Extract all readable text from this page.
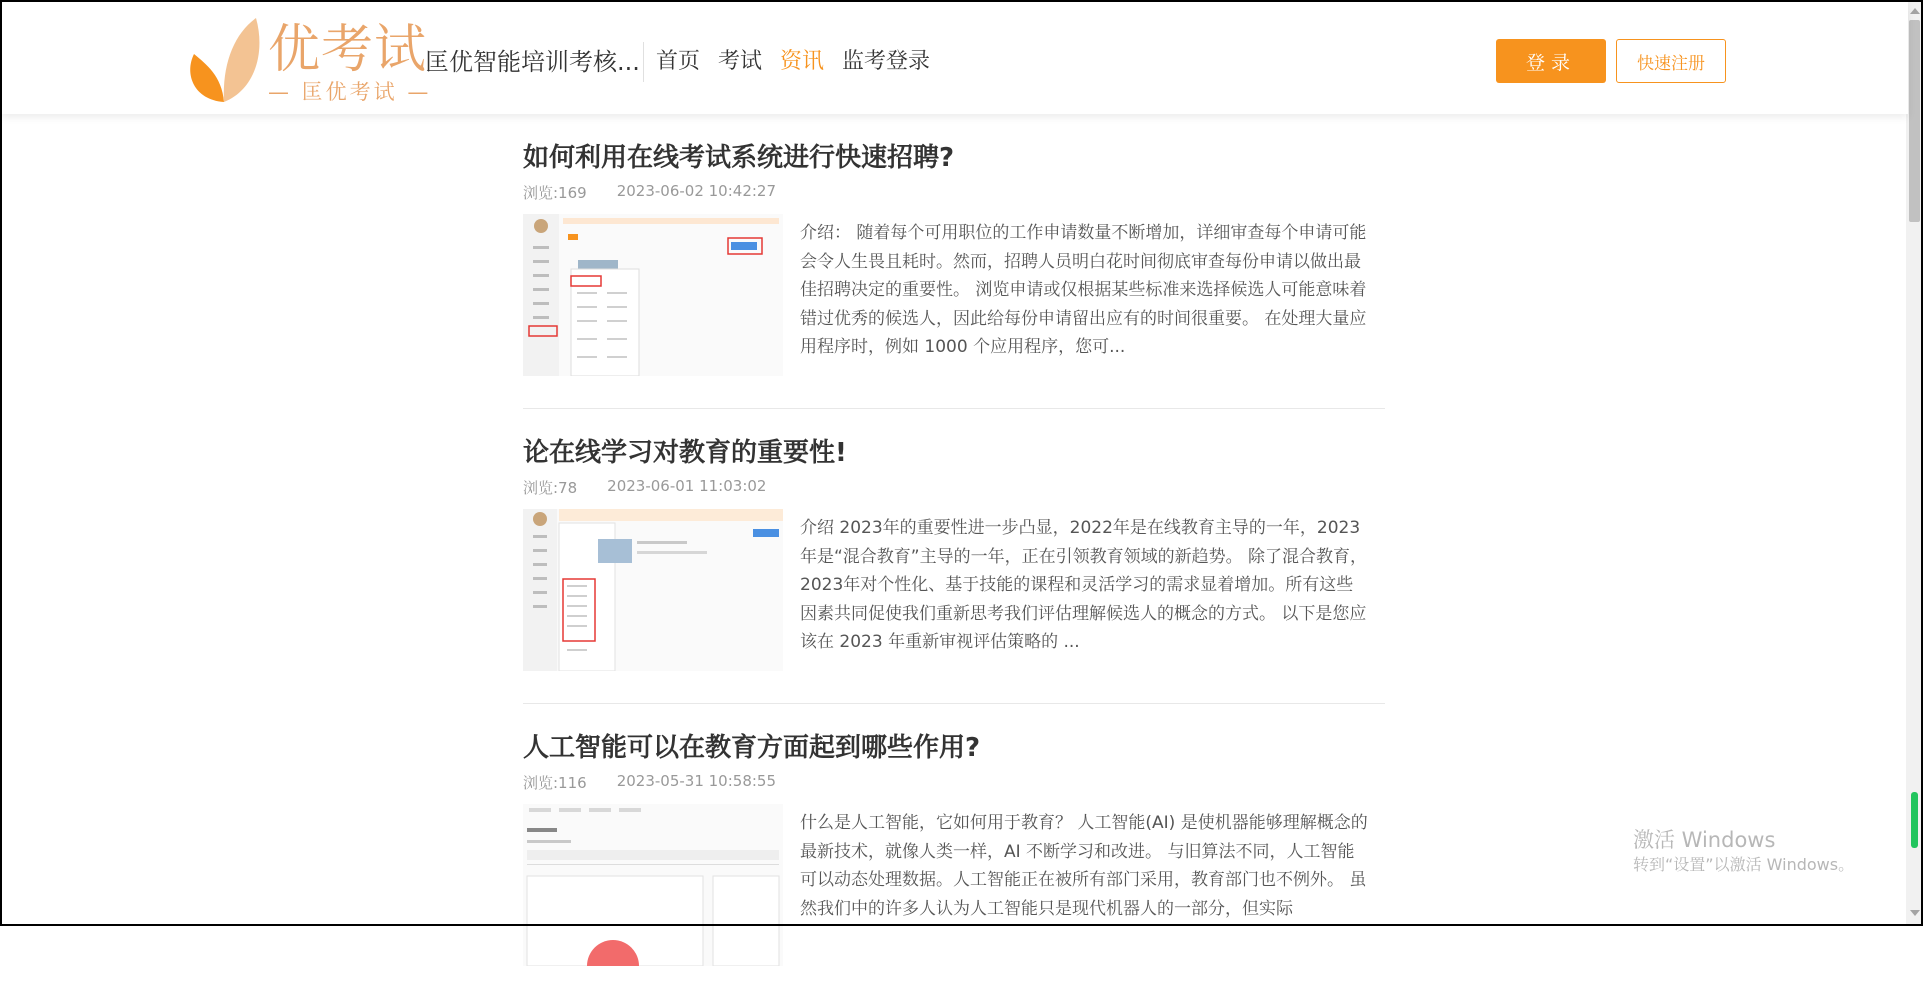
优考试
— 匡优考试 —
匡优智能培训考核... 首页 考试 资讯 监考登录	登录	快速注册
如何利用在线考试系统进行快速招聘?
浏览:169 2023-06-02 10:42:27
介绍： 随着每个可用职位的工作申请数量不断增加，详细审查每个申请可能会令人生畏且耗时。然而，招聘人员明白花时间彻底审查每份申请以做出最佳招聘决定的重要性。 浏览申请或仅根据某些标准来选择候选人可能意味着错过优秀的候选人，因此给每份申请留出应有的时间很重要。 在处理大量应用程序时，例如 1000 个应用程序，您可...
论在线学习对教育的重要性!
浏览:78 2023-06-01 11:03:02
介绍 2023年的重要性进一步凸显，2022年是在线教育主导的一年，2023年是“混合教育”主导的一年，正在引领教育领域的新趋势。 除了混合教育，2023年对个性化、基于技能的课程和灵活学习的需求显着增加。所有这些因素共同促使我们重新思考我们评估理解候选人的概念的方式。 以下是您应该在 2023 年重新审视评估策略的 ...
人工智能可以在教育方面起到哪些作用?
浏览:116 2023-05-31 10:58:55
什么是人工智能，它如何用于教育？ 人工智能(AI) 是使机器能够理解概念的最新技术，就像人类一样，AI 不断学习和改进。 与旧算法不同，人工智能可以动态处理数据。人工智能正在被所有部门采用，教育部门也不例外。 虽然我们中的许多人认为人工智能只是现代机器人的一部分，但实际
激活 Windows
转到“设置”以激活 Windows。
